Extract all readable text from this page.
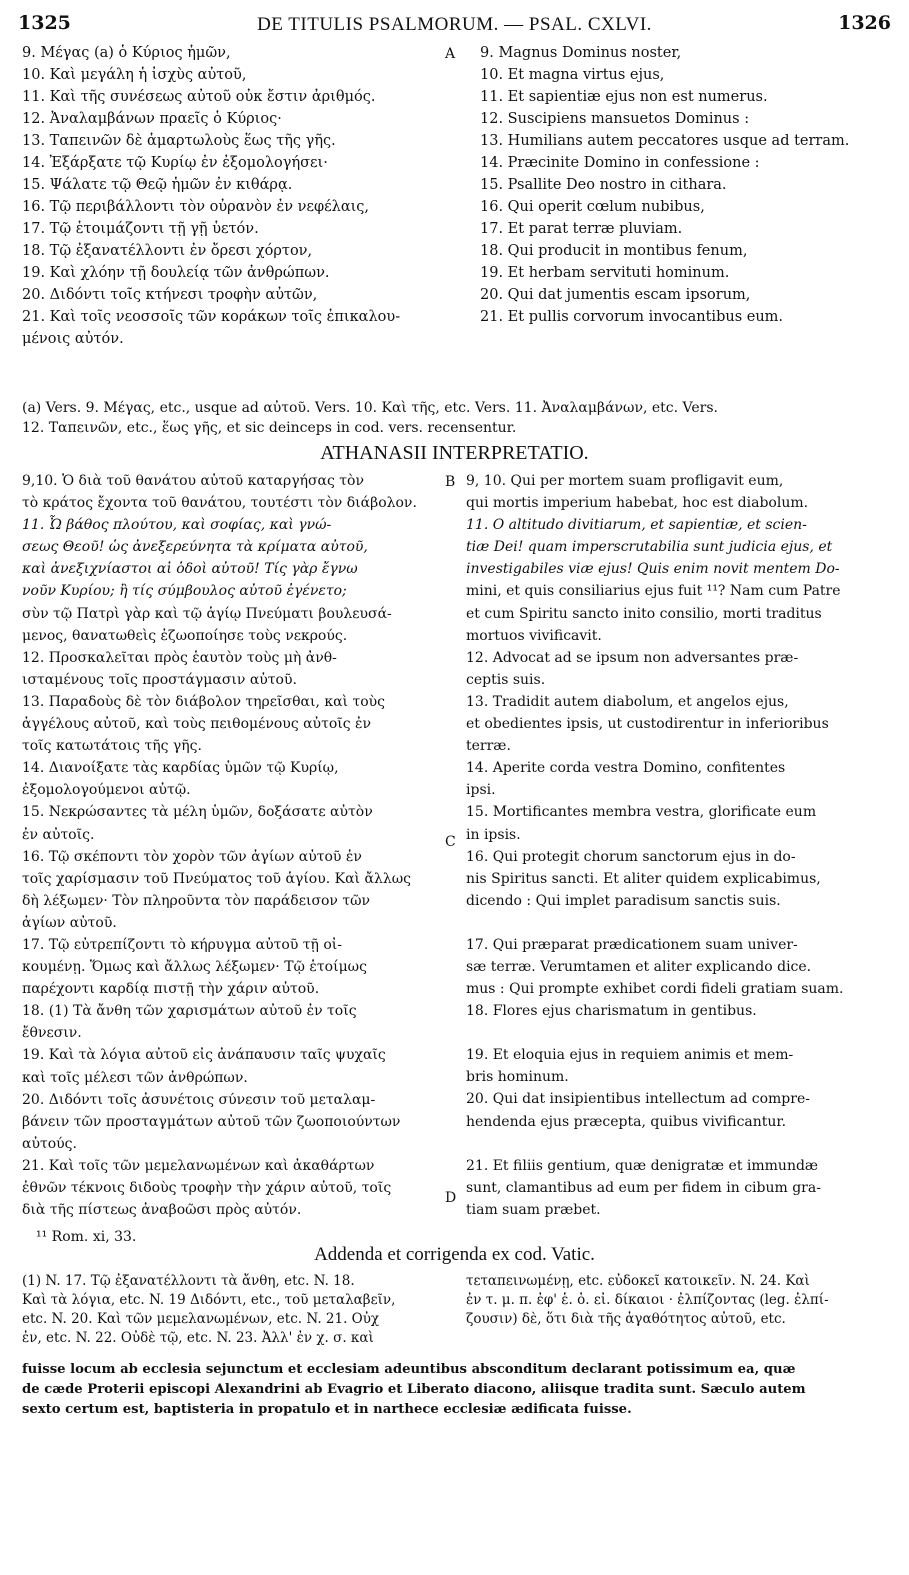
1325	DE TITULIS PSALMORUM. — PSAL. CXLVI.	1326
9. Μέγας (a) ὁ Κύριος ἡμῶν,
10. Καὶ μεγάλη ἡ ἰσχὺς αὐτοῦ,
11. Καὶ τῆς συνέσεως αὐτοῦ οὐκ ἔστιν ἀριθμός.
12. Ἀναλαμβάνων πραεῖς ὁ Κύριος·
13. Ταπεινῶν δὲ ἁμαρτωλοὺς ἕως τῆς γῆς.
14. Ἐξάρξατε τῷ Κυρίῳ ἐν ἐξομολογήσει·
15. Ψάλατε τῷ Θεῷ ἡμῶν ἐν κιθάρᾳ.
16. Τῷ περιβάλλοντι τὸν οὐρανὸν ἐν νεφέλαις,
17. Τῷ ἑτοιμάζοντι τῇ γῇ ὑετόν.
18. Τῷ ἐξανατέλλοντι ἐν ὄρεσι χόρτον,
19. Καὶ χλόην τῇ δουλείᾳ τῶν ἀνθρώπων.
20. Διδόντι τοῖς κτήνεσι τροφὴν αὐτῶν,
21. Καὶ τοῖς νεοσσοῖς τῶν κοράκων τοῖς ἐπικαλου-
μένοις αὐτόν.
A 9. Magnus Dominus noster,
10. Et magna virtus ejus,
11. Et sapientiæ ejus non est numerus.
12. Suscipiens mansuetos Dominus :
13. Humilians autem peccatores usque ad terram.
14. Præcinite Domino in confessione :
15. Psallite Deo nostro in cithara.
16. Qui operit cœlum nubibus,
17. Et parat terræ pluviam.
18. Qui producit in montibus fenum,
19. Et herbam servituti hominum.
20. Qui dat jumentis escam ipsorum,
21. Et pullis corvorum invocantibus eum.
(a) Vers. 9. Μέγας, etc., usque ad αὐτοῦ. Vers. 10. Καὶ τῆς, etc. Vers. 11. Ἀναλαμβάνων, etc. Vers.
12. Ταπεινῶν, etc., ἕως γῆς, et sic deinceps in cod. vers. recensentur.
ATHANASII INTERPRETATIO.
9,10. Ὁ διὰ τοῦ θανάτου αὐτοῦ καταργήσας τὸν
τὸ κράτος ἔχοντα τοῦ θανάτου, τουτέστι τὸν διάβολον.
11. Ὦ βάθος πλούτου, καὶ σοφίας, καὶ γνώ-
σεως Θεοῦ! ὡς ἀνεξερεύνητα τὰ κρίματα αὐτοῦ,
καὶ ἀνεξιχνίαστοι αἱ ὁδοὶ αὐτοῦ! Τίς γὰρ ἔγνω
νοῦν Κυρίου; ἢ τίς σύμβουλος αὐτοῦ ἐγένετο;
σὺν τῷ Πατρὶ γὰρ καὶ τῷ ἁγίῳ Πνεύματι βουλευσά-
μενος, θανατωθεὶς ἐζωοποίησε τοὺς νεκρούς.
12. Προσκαλεῖται πρὸς ἑαυτὸν τοὺς μὴ ἀνθ-
ισταμένους τοῖς προστάγμασιν αὐτοῦ.
13. Παραδοὺς δὲ τὸν διάβολον τηρεῖσθαι, καὶ τοὺς
ἀγγέλους αὐτοῦ, καὶ τοὺς πειθομένους αὐτοῖς ἐν
τοῖς κατωτάτοις τῆς γῆς.
14. Διανοίξατε τὰς καρδίας ὑμῶν τῷ Κυρίῳ,
ἐξομολογούμενοι αὐτῷ.
15. Νεκρώσαντες τὰ μέλη ὑμῶν, δοξάσατε αὐτὸν
ἐν αὐτοῖς.
16. Τῷ σκέποντι τὸν χορὸν τῶν ἁγίων αὐτοῦ ἐν
τοῖς χαρίσμασιν τοῦ Πνεύματος τοῦ ἁγίου. Καὶ ἄλλως
δὴ λέξωμεν· Τὸν πληροῦντα τὸν παράδεισον τῶν
ἁγίων αὐτοῦ.
17. Τῷ εὐτρεπίζοντι τὸ κήρυγμα αὐτοῦ τῇ οἰ-
κουμένῃ. Ὅμως καὶ ἄλλως λέξωμεν· Τῷ ἑτοίμως
παρέχοντι καρδίᾳ πιστῇ τὴν χάριν αὐτοῦ.
18. (1) Τὰ ἄνθη τῶν χαρισμάτων αὐτοῦ ἐν τοῖς
ἔθνεσιν.
19. Καὶ τὰ λόγια αὐτοῦ εἰς ἀνάπαυσιν ταῖς ψυχαῖς
καὶ τοῖς μέλεσι τῶν ἀνθρώπων.
20. Διδόντι τοῖς ἀσυνέτοις σύνεσιν τοῦ μεταλαμ-
βάνειν τῶν προσταγμάτων αὐτοῦ τῶν ζωοποιούντων
αὐτούς.
21. Καὶ τοῖς τῶν μεμελανωμένων καὶ ἀκαθάρτων
ἐθνῶν τέκνοις διδοὺς τροφὴν τὴν χάριν αὐτοῦ, τοῖς
διὰ τῆς πίστεως ἀναβοῶσι πρὸς αὐτόν.
B
C
D
9, 10. Qui per mortem suam profligavit eum,
qui mortis imperium habebat, hoc est diabolum.
11. O altitudo divitiarum, et sapientiæ, et scien-
tiæ Dei! quam imperscrutabilia sunt judicia ejus, et
investigabiles viæ ejus! Quis enim novit mentem Do-
mini, et quis consiliarius ejus fuit ¹¹? Nam cum Patre
et cum Spiritu sancto inito consilio, morti traditus
mortuos vivificavit.
12. Advocat ad se ipsum non adversantes præ-
ceptis suis.
13. Tradidit autem diabolum, et angelos ejus,
et obedientes ipsis, ut custodirentur in inferioribus
terræ.
14. Aperite corda vestra Domino, confitentes
ipsi.
15. Mortificantes membra vestra, glorificate eum
in ipsis.
16. Qui protegit chorum sanctorum ejus in do-
nis Spiritus sancti. Et aliter quidem explicabimus,
dicendo : Qui implet paradisum sanctis suis.
17. Qui præparat prædicationem suam univer-
sæ terræ. Verumtamen et aliter explicando dice.
mus : Qui prompte exhibet cordi fideli gratiam suam.
18. Flores ejus charismatum in gentibus.
19. Et eloquia ejus in requiem animis et mem-
bris hominum.
20. Qui dat insipientibus intellectum ad compre-
hendenda ejus præcepta, quibus vivificantur.
21. Et filiis gentium, quæ denigratæ et immundæ
sunt, clamantibus ad eum per fidem in cibum gra-
tiam suam præbet.
¹¹ Rom. xi, 33.
Addenda et corrigenda ex cod. Vatic.
(1) N. 17. Τῷ ἐξανατέλλοντι τὰ ἄνθη, etc. N. 18.
Καὶ τὰ λόγια, etc. N. 19 Διδόντι, etc., τοῦ μεταλαβεῖν,
etc. N. 20. Καὶ τῶν μεμελανωμένων, etc. N. 21. Οὐχ
ἐν, etc. N. 22. Οὐδὲ τῷ, etc. N. 23. Ἀλλ' ἐν χ. σ. καὶ
τεταπεινωμένῃ, etc. εὐδοκεῖ κατοικεῖν. N. 24. Καὶ
ἐν τ. μ. π. ἐφ' ἑ. ὁ. εἰ. δίκαιοι · ἐλπίζοντας (leg. ἐλπί-
ζουσιν) δὲ, ὅτι διὰ τῆς ἀγαθότητος αὐτοῦ, etc.
fuisse locum ab ecclesia sejunctum et ecclesiam adeuntibus absconditum declarant potissimum ea, quæ
de cæde Proterii episcopi Alexandrini ab Evagrio et Liberato diacono, aliisque tradita sunt. Sæculo autem
sexto certum est, baptisteria in propatulo et in narthece ecclesiæ ædificata fuisse.
